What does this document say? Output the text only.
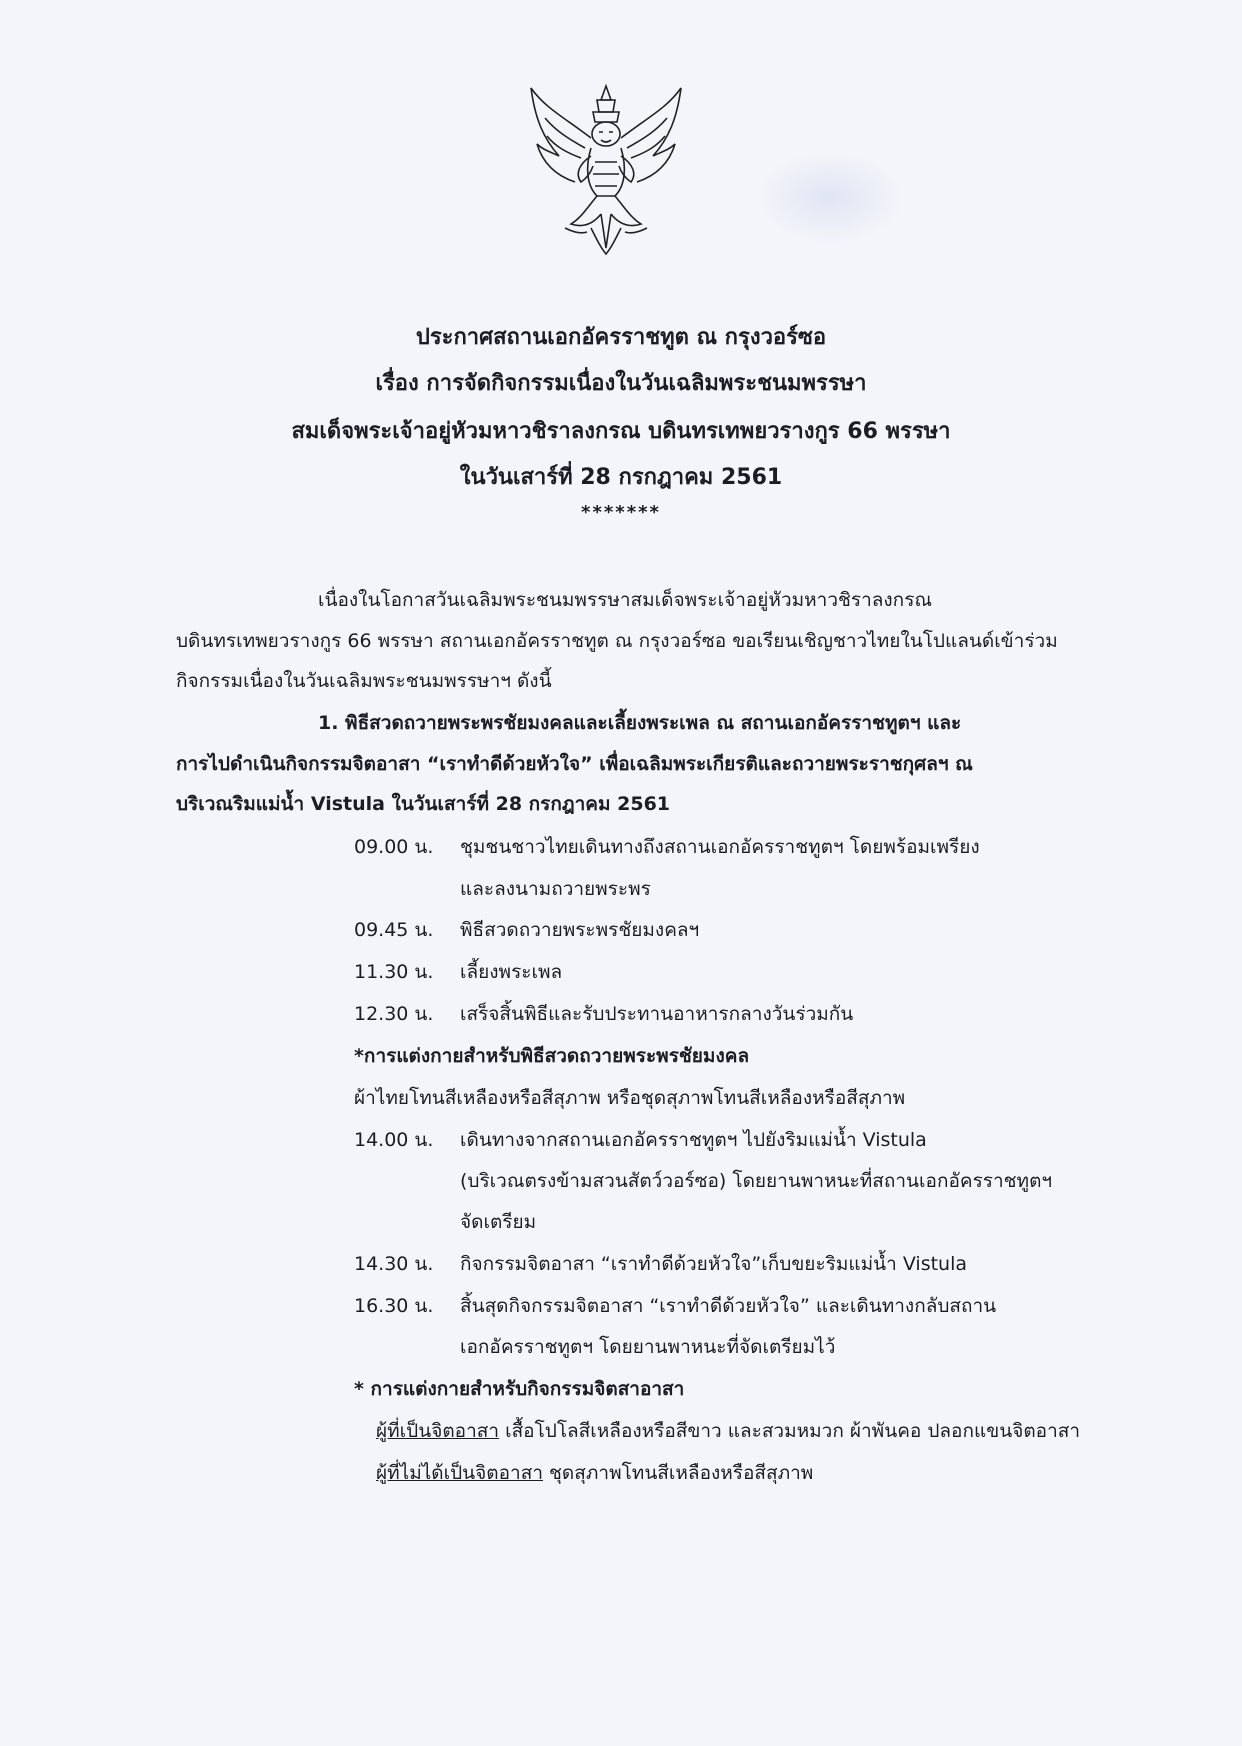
ประกาศสถานเอกอัครราชทูต ณ กรุงวอร์ซอ
เรื่อง การจัดกิจกรรมเนื่องในวันเฉลิมพระชนมพรรษา
สมเด็จพระเจ้าอยู่หัวมหาวชิราลงกรณ บดินทรเทพยวรางกูร 66 พรรษา
ในวันเสาร์ที่ 28 กรกฎาคม 2561
*******
เนื่องในโอกาสวันเฉลิมพระชนมพรรษาสมเด็จพระเจ้าอยู่หัวมหาวชิราลงกรณ
บดินทรเทพยวรางกูร 66 พรรษา สถานเอกอัครราชทูต ณ กรุงวอร์ซอ ขอเรียนเชิญชาวไทยในโปแลนด์เข้าร่วม
กิจกรรมเนื่องในวันเฉลิมพระชนมพรรษาฯ ดังนี้
1. พิธีสวดถวายพระพรชัยมงคลและเลี้ยงพระเพล ณ สถานเอกอัครราชทูตฯ และ
การไปดำเนินกิจกรรมจิตอาสา “เราทำดีด้วยหัวใจ” เพื่อเฉลิมพระเกียรติและถวายพระราชกุศลฯ ณ
บริเวณริมแม่น้ำ Vistula ในวันเสาร์ที่ 28 กรกฎาคม 2561
09.00 น. ชุมชนชาวไทยเดินทางถึงสถานเอกอัครราชทูตฯ โดยพร้อมเพรียง
และลงนามถวายพระพร
09.45 น. พิธีสวดถวายพระพรชัยมงคลฯ
11.30 น. เลี้ยงพระเพล
12.30 น. เสร็จสิ้นพิธีและรับประทานอาหารกลางวันร่วมกัน
*การแต่งกายสำหรับพิธีสวดถวายพระพรชัยมงคล
ผ้าไทยโทนสีเหลืองหรือสีสุภาพ หรือชุดสุภาพโทนสีเหลืองหรือสีสุภาพ
14.00 น. เดินทางจากสถานเอกอัครราชทูตฯ ไปยังริมแม่น้ำ Vistula
(บริเวณตรงข้ามสวนสัตว์วอร์ซอ) โดยยานพาหนะที่สถานเอกอัครราชทูตฯ
จัดเตรียม
14.30 น. กิจกรรมจิตอาสา “เราทำดีด้วยหัวใจ”เก็บขยะริมแม่น้ำ Vistula
16.30 น. สิ้นสุดกิจกรรมจิตอาสา “เราทำดีด้วยหัวใจ” และเดินทางกลับสถาน
เอกอัครราชทูตฯ โดยยานพาหนะที่จัดเตรียมไว้
* การแต่งกายสำหรับกิจกรรมจิตสาอาสา
ผู้ที่เป็นจิตอาสา เสื้อโปโลสีเหลืองหรือสีขาว และสวมหมวก ผ้าพันคอ ปลอกแขนจิตอาสา
ผู้ที่ไม่ได้เป็นจิตอาสา ชุดสุภาพโทนสีเหลืองหรือสีสุภาพ
